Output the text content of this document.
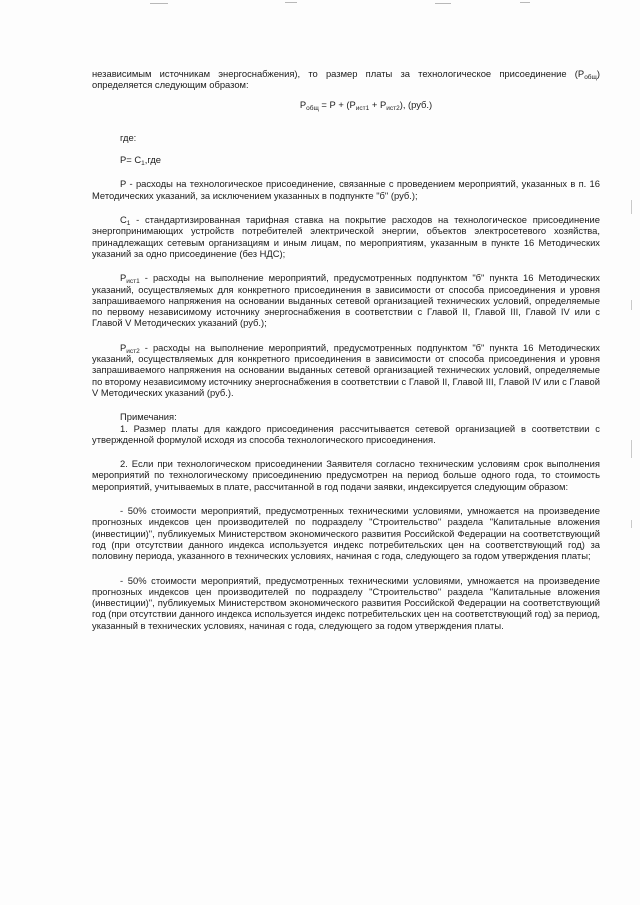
независимым источникам энергоснабжения), то размер платы за технологическое присоединение $(Р_{общ})$ определяется следующим образом:

$Р_{общ} = Р + (Р_{ист1} + Р_{ист2})$, (руб.)

где:

$Р= С_1,где$

Р - расходы на технологическое присоединение, связанные с проведением мероприятий, указанных в п. 16 Методических указаний, за исключением указанных в подпункте "б" (руб.);

$С_1$ - стандартизированная тарифная ставка на покрытие расходов на технологическое присоединение энергопринимающих устройств потребителей электрической энергии, объектов электросетевого хозяйства, принадлежащих сетевым организациям и иным лицам, по мероприятиям, указанным в пункте 16 Методических указаний за одно присоединение (без НДС);

$Р_{ист1}$ - расходы на выполнение мероприятий, предусмотренных подпунктом "б" пункта 16 Методических указаний, осуществляемых для конкретного присоединения в зависимости от способа присоединения и уровня запрашиваемого напряжения на основании выданных сетевой организацией технических условий, определяемые по первому независимому источнику энергоснабжения в соответствии с Главой II, Главой III, Главой IV или с Главой V Методических указаний (руб.);

$Р_{ист2}$ - расходы на выполнение мероприятий, предусмотренных подпунктом "б" пункта 16 Методических указаний, осуществляемых для конкретного присоединения в зависимости от способа присоединения и уровня запрашиваемого напряжения на основании выданных сетевой организацией технических условий, определяемые по второму независимому источнику энергоснабжения в соответствии с Главой II, Главой III, Главой IV или с Главой V Методических указаний (руб.).

Примечания:

1. Размер платы для каждого присоединения рассчитывается сетевой организацией в соответствии с утвержденной формулой исходя из способа технологического присоединения.

2. Если при технологическом присоединении Заявителя согласно техническим условиям срок выполнения мероприятий по технологическому присоединению предусмотрен на период больше одного года, то стоимость мероприятий, учитываемых в плате, рассчитанной в год подачи заявки, индексируется следующим образом:

- 50% стоимости мероприятий, предусмотренных техническими условиями, умножается на произведение прогнозных индексов цен производителей по подразделу "Строительство" раздела "Капитальные вложения (инвестиции)", публикуемых Министерством экономического развития Российской Федерации на соответствующий год (при отсутствии данного индекса используется индекс потребительских цен на соответствующий год) за половину периода, указанного в технических условиях, начиная с года, следующего за годом утверждения платы;

- 50% стоимости мероприятий, предусмотренных техническими условиями, умножается на произведение прогнозных индексов цен производителей по подразделу "Строительство" раздела "Капитальные вложения (инвестиции)", публикуемых Министерством экономического развития Российской Федерации на соответствующий год (при отсутствии данного индекса используется индекс потребительских цен на соответствующий год) за период, указанный в технических условиях, начиная с года, следующего за годом утверждения платы.
